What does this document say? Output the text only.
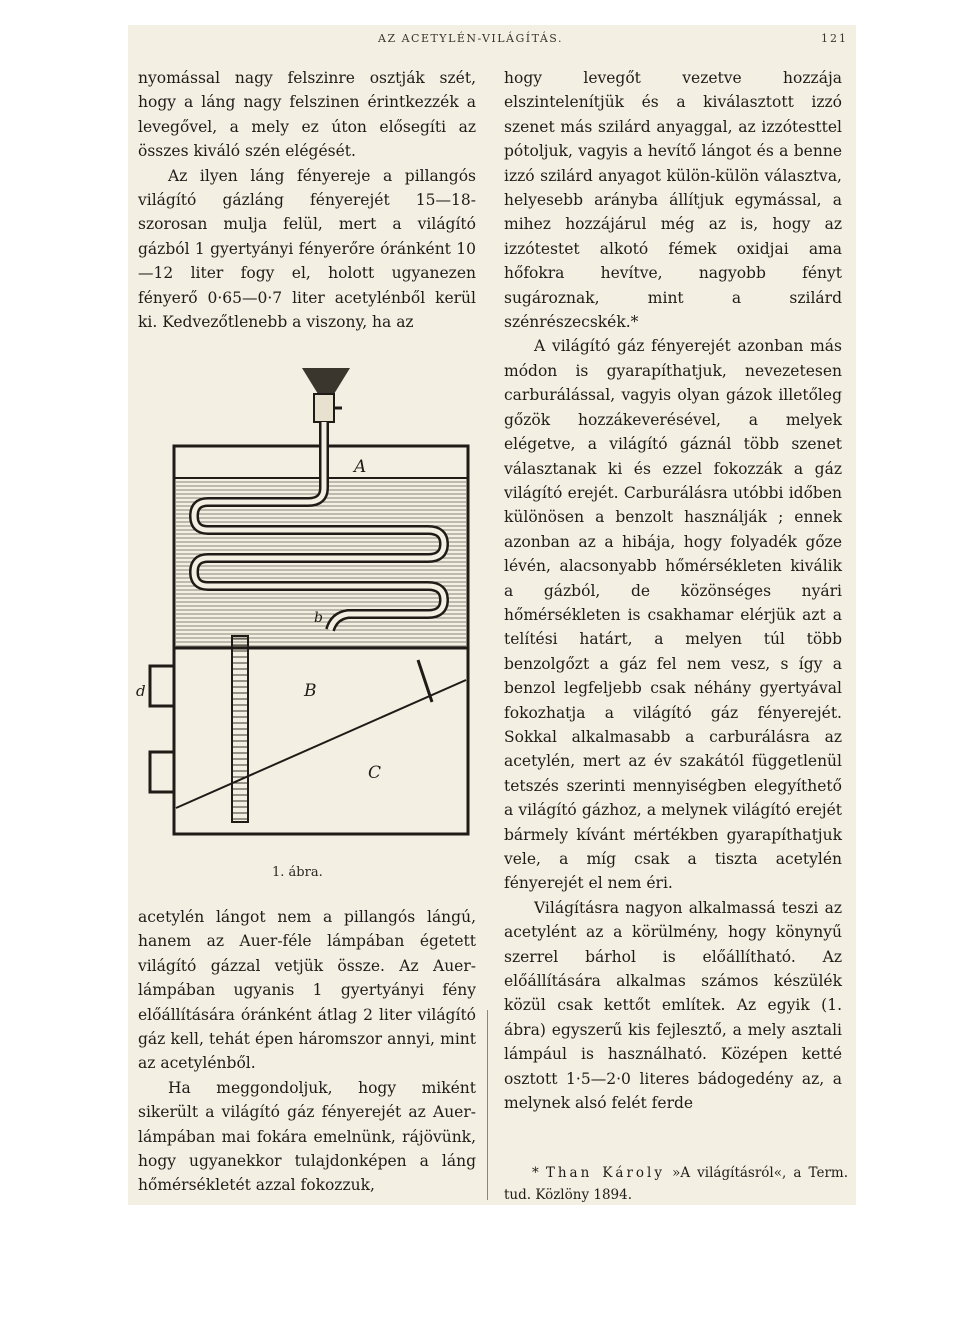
AZ ACETYLÉN-VILÁGÍTÁS.	121

nyomással nagy felszinre osztják szét, hogy a láng nagy felszinen érintkezzék a levegővel, a mely ez úton elősegíti az összes kiváló szén elégését.

Az ilyen láng fényereje a pillangós világító gázláng fényerejét 15—18-szorosan mulja felül, mert a világító gázból 1 gyertyányi fényerőre óránként 10—12 liter fogy el, holott ugyanezen fényerő 0·65—0·7 liter acetylénből kerül ki. Kedvezőtlenebb a viszony, ha az

A
b
B
C
d
1. ábra.

acetylén lángot nem a pillangós lángú, hanem az Auer-féle lámpában égetett világító gázzal vetjük össze. Az Auer-lámpában ugyanis 1 gyertyányi fény előállítására óránként átlag 2 liter világító gáz kell, tehát épen háromszor annyi, mint az acetylénből.

Ha meggondoljuk, hogy miként sikerült a világító gáz fényerejét az Auer-lámpában mai fokára emelnünk, rájövünk, hogy ugyanekkor tulajdonképen a láng hőmérsékletét azzal fokozzuk,

hogy levegőt vezetve hozzája elszintelenítjük és a kiválasztott izzó szenet más szilárd anyaggal, az izzótesttel pótoljuk, vagyis a hevítő lángot és a benne izzó szilárd anyagot külön-külön választva, helyesebb arányba állítjuk egymással, a mihez hozzájárul még az is, hogy az izzótestet alkotó fémek oxidjai ama hőfokra hevítve, nagyobb fényt sugároznak, mint a szilárd szénrészecskék.*

A világító gáz fényerejét azonban más módon is gyarapíthatjuk, nevezetesen carburálással, vagyis olyan gázok illetőleg gőzök hozzákeverésével, a melyek elégetve, a világító gáznál több szenet választanak ki és ezzel fokozzák a gáz világító erejét. Carburálásra utóbbi időben különösen a benzolt használják ; ennek azonban az a hibája, hogy folyadék gőze lévén, alacsonyabb hőmérsékleten kiválik a gázból, de közönséges nyári hőmérsékleten is csakhamar elérjük azt a telítési határt, a melyen túl több benzolgőzt a gáz fel nem vesz, s így a benzol legfeljebb csak néhány gyertyával fokozhatja a világító gáz fényerejét. Sokkal alkalmasabb a carburálásra az acetylén, mert az év szakától függetlenül tetszés szerinti mennyiségben elegyíthető a világító gázhoz, a melynek világító erejét bármely kívánt mértékben gyarapíthatjuk vele, a míg csak a tiszta acetylén fényerejét el nem éri.

Világításra nagyon alkalmassá teszi az acetylént az a körülmény, hogy könynyű szerrel bárhol is előállítható. Az előállítására alkalmas számos készülék közül csak kettőt említek. Az egyik (1. ábra) egyszerű kis fejlesztő, a mely asztali lámpául is használható. Középen ketté osztott 1·5—2·0 literes bádogedény az, a melynek alsó felét ferde

* Than Károly »A világításról«, a Term. tud. Közlöny 1894.
